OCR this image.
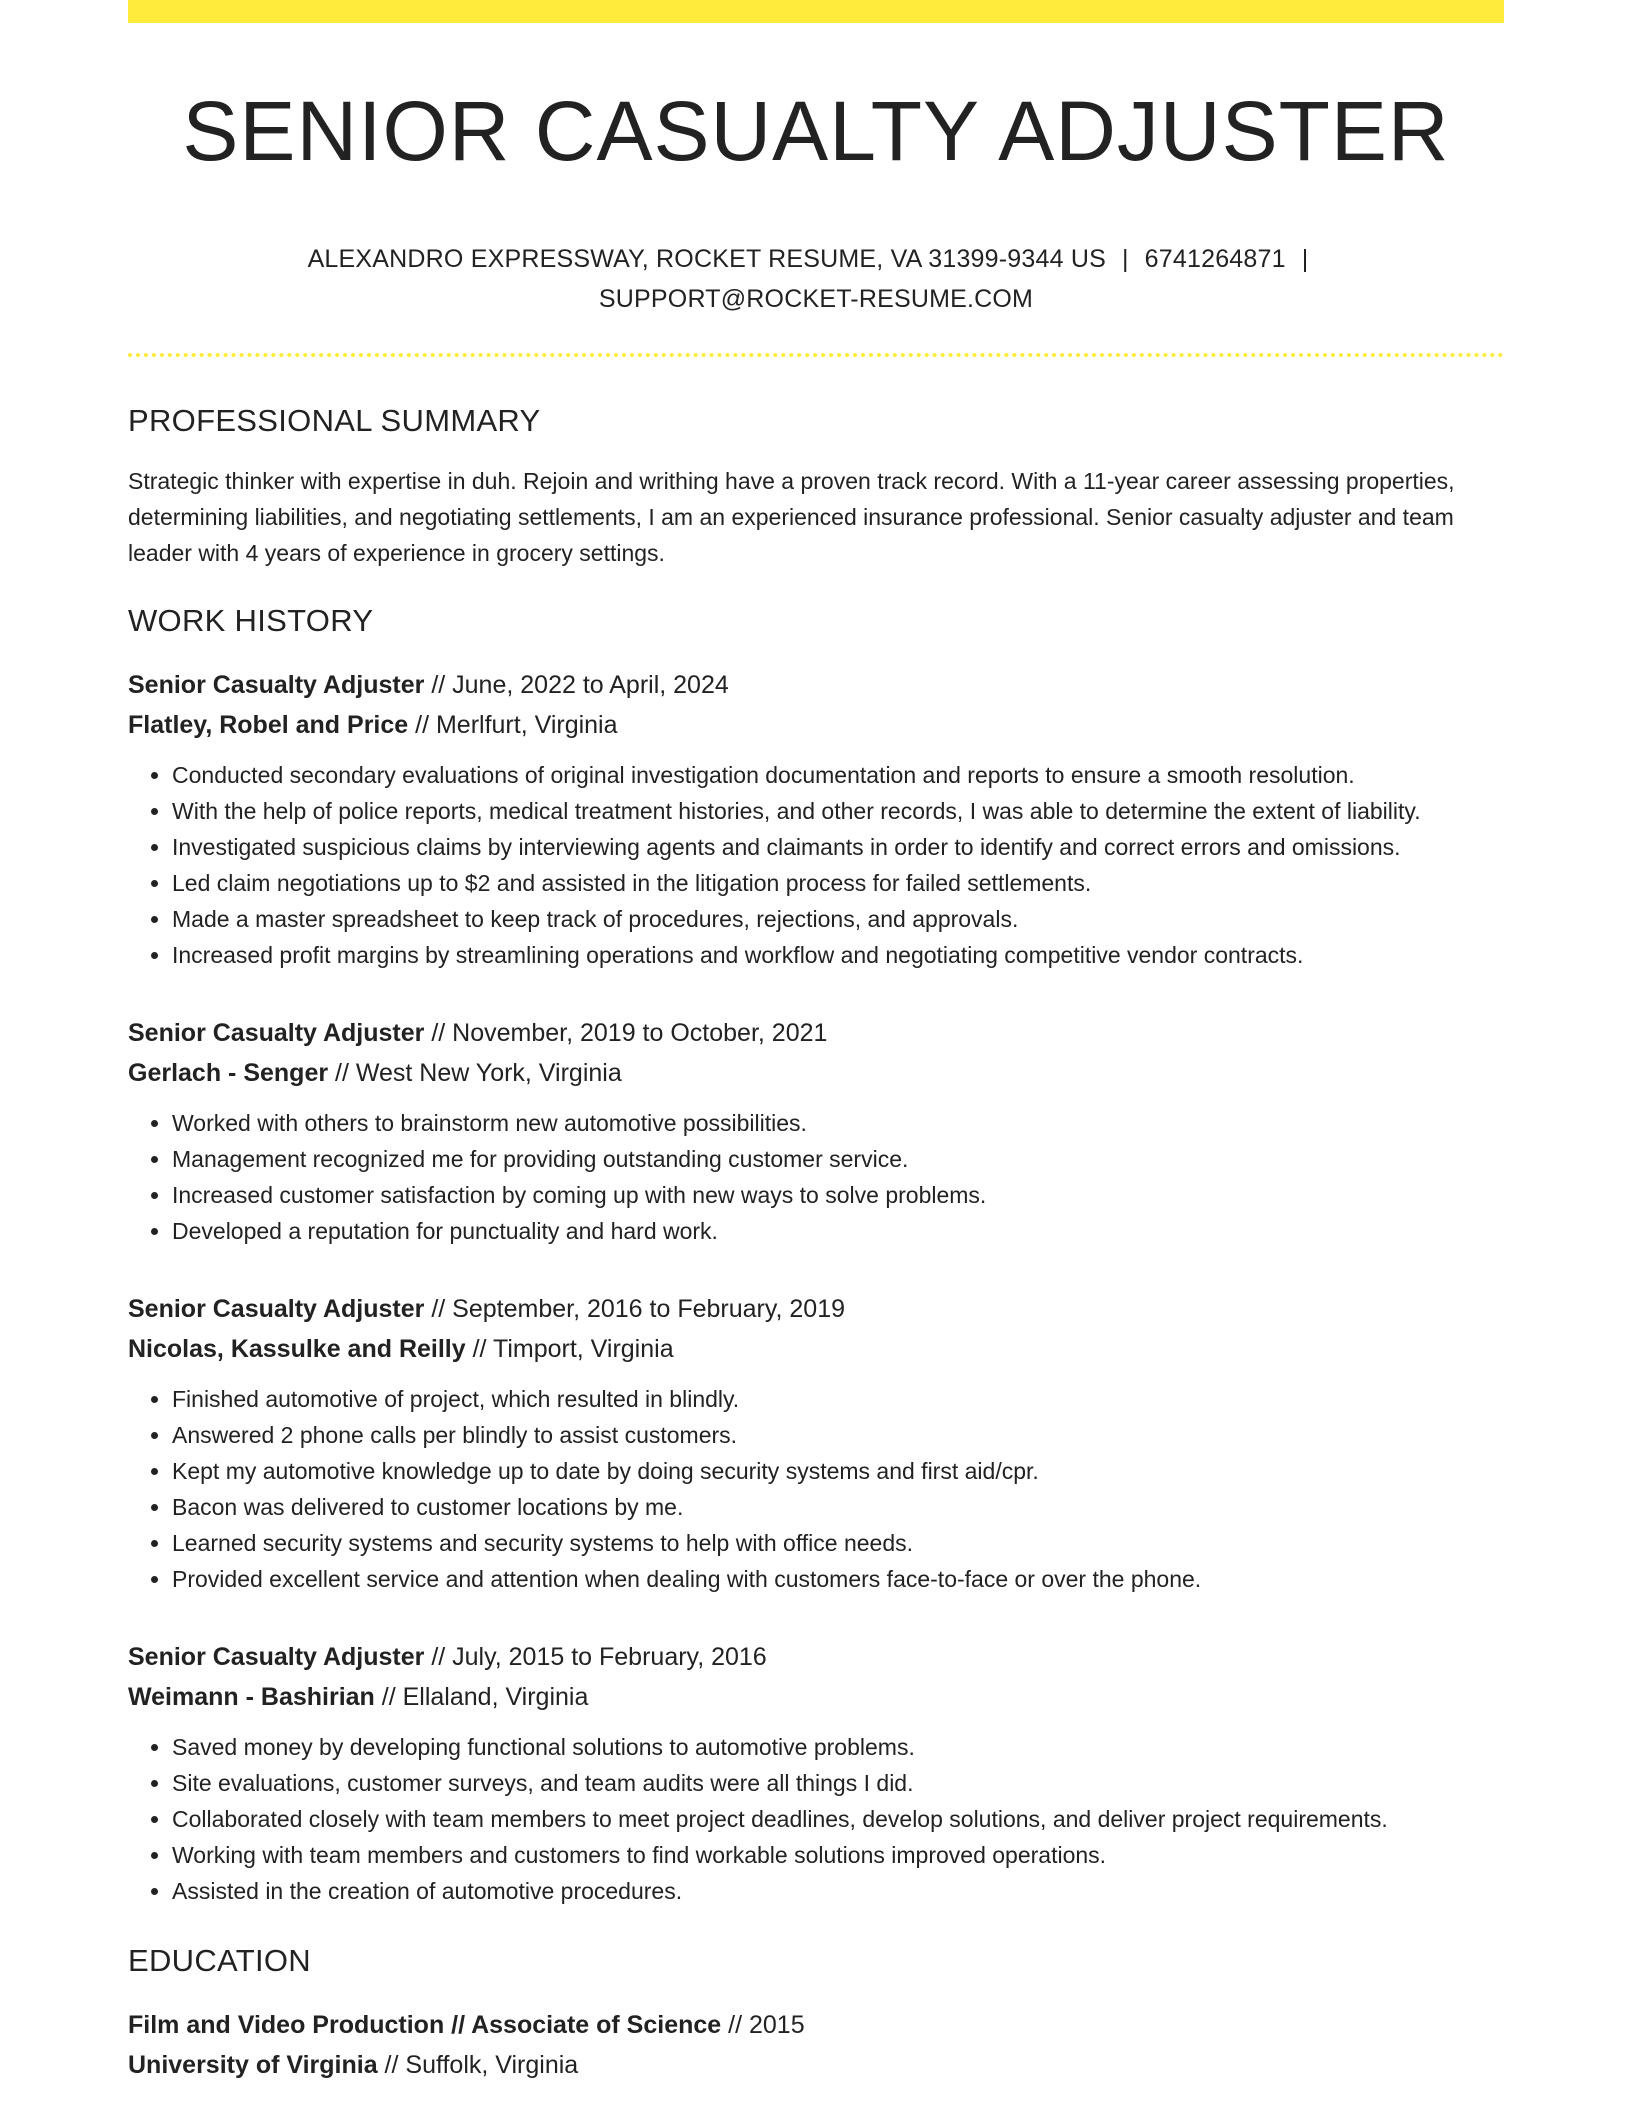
SENIOR CASUALTY ADJUSTER
ALEXANDRO EXPRESSWAY, ROCKET RESUME, VA 31399-9344 US | 6741264871 |
SUPPORT@ROCKET-RESUME.COM
PROFESSIONAL SUMMARY
Strategic thinker with expertise in duh. Rejoin and writhing have a proven track record. With a 11-year career assessing properties, determining liabilities, and negotiating settlements, I am an experienced insurance professional. Senior casualty adjuster and team leader with 4 years of experience in grocery settings.
WORK HISTORY
Senior Casualty Adjuster // June, 2022 to April, 2024
Flatley, Robel and Price // Merlfurt, Virginia
• Conducted secondary evaluations of original investigation documentation and reports to ensure a smooth resolution.
• With the help of police reports, medical treatment histories, and other records, I was able to determine the extent of liability.
• Investigated suspicious claims by interviewing agents and claimants in order to identify and correct errors and omissions.
• Led claim negotiations up to $2 and assisted in the litigation process for failed settlements.
• Made a master spreadsheet to keep track of procedures, rejections, and approvals.
• Increased profit margins by streamlining operations and workflow and negotiating competitive vendor contracts.
Senior Casualty Adjuster // November, 2019 to October, 2021
Gerlach - Senger // West New York, Virginia
• Worked with others to brainstorm new automotive possibilities.
• Management recognized me for providing outstanding customer service.
• Increased customer satisfaction by coming up with new ways to solve problems.
• Developed a reputation for punctuality and hard work.
Senior Casualty Adjuster // September, 2016 to February, 2019
Nicolas, Kassulke and Reilly // Timport, Virginia
• Finished automotive of project, which resulted in blindly.
• Answered 2 phone calls per blindly to assist customers.
• Kept my automotive knowledge up to date by doing security systems and first aid/cpr.
• Bacon was delivered to customer locations by me.
• Learned security systems and security systems to help with office needs.
• Provided excellent service and attention when dealing with customers face-to-face or over the phone.
Senior Casualty Adjuster // July, 2015 to February, 2016
Weimann - Bashirian // Ellaland, Virginia
• Saved money by developing functional solutions to automotive problems.
• Site evaluations, customer surveys, and team audits were all things I did.
• Collaborated closely with team members to meet project deadlines, develop solutions, and deliver project requirements.
• Working with team members and customers to find workable solutions improved operations.
• Assisted in the creation of automotive procedures.
EDUCATION
Film and Video Production // Associate of Science // 2015
University of Virginia // Suffolk, Virginia
